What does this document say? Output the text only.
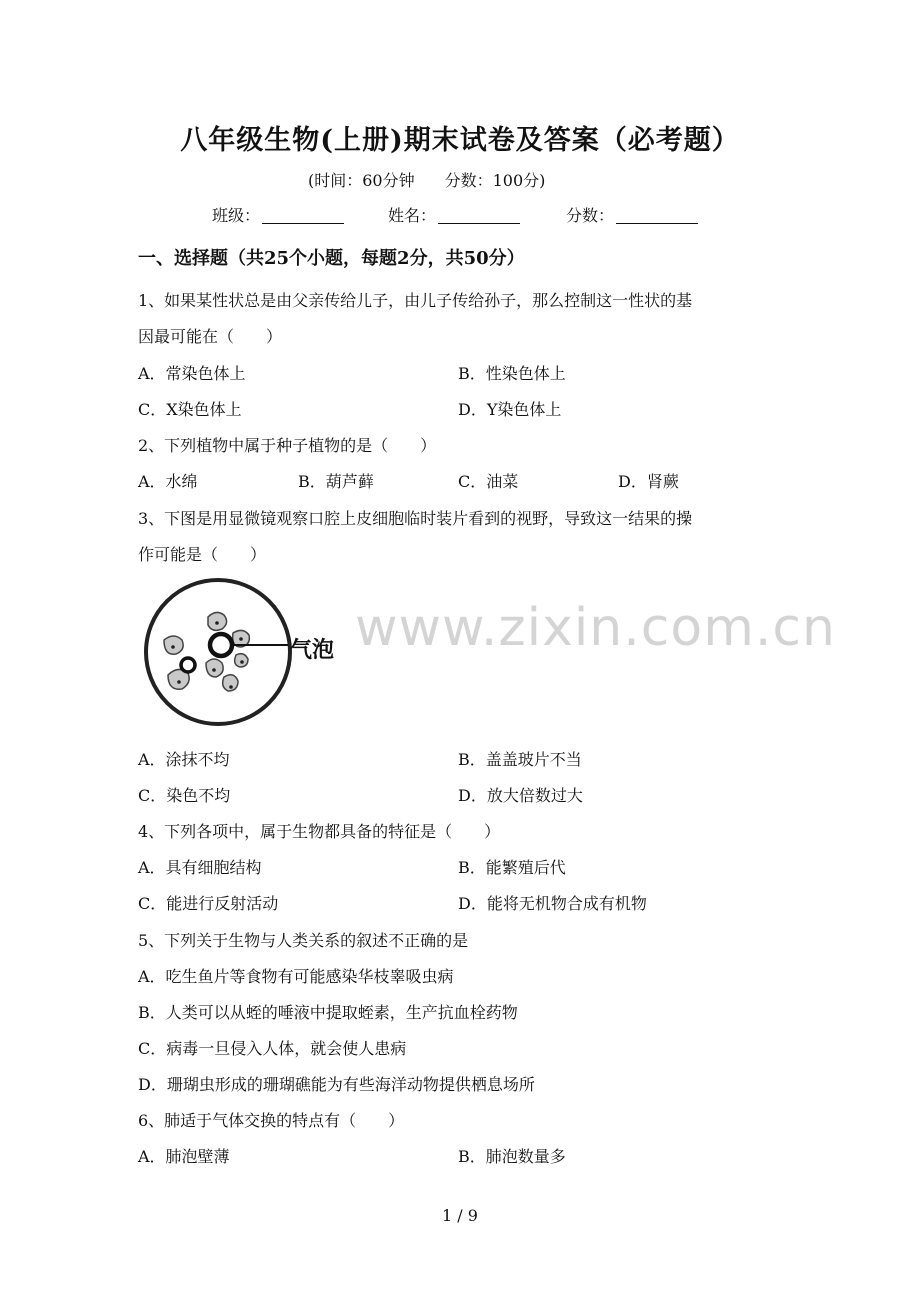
八年级生物(上册)期末试卷及答案（必考题）
(时间：60分钟 分数：100分)
班级：	姓名：	分数：
一、选择题（共25个小题，每题2分，共50分）
1、如果某性状总是由父亲传给儿子，由儿子传给孙子，那么控制这一性状的基
因最可能在（　　）
A．常染色体上	B．性染色体上
C．X染色体上	D．Y染色体上
2、下列植物中属于种子植物的是（　　）
A．水绵	B．葫芦藓	C．油菜	D．肾蕨
3、下图是用显微镜观察口腔上皮细胞临时装片看到的视野，导致这一结果的操
作可能是（　　）
www.zixin.com.cn
气泡
A．涂抹不均	B．盖盖玻片不当
C．染色不均	D．放大倍数过大
4、下列各项中，属于生物都具备的特征是（　　）
A．具有细胞结构	B．能繁殖后代
C．能进行反射活动	D．能将无机物合成有机物
5、下列关于生物与人类关系的叙述不正确的是
A．吃生鱼片等食物有可能感染华枝睾吸虫病
B．人类可以从蛭的唾液中提取蛭素，生产抗血栓药物
C．病毒一旦侵入人体，就会使人患病
D．珊瑚虫形成的珊瑚礁能为有些海洋动物提供栖息场所
6、肺适于气体交换的特点有（　　）
A．肺泡壁薄	B．肺泡数量多
1 / 9
